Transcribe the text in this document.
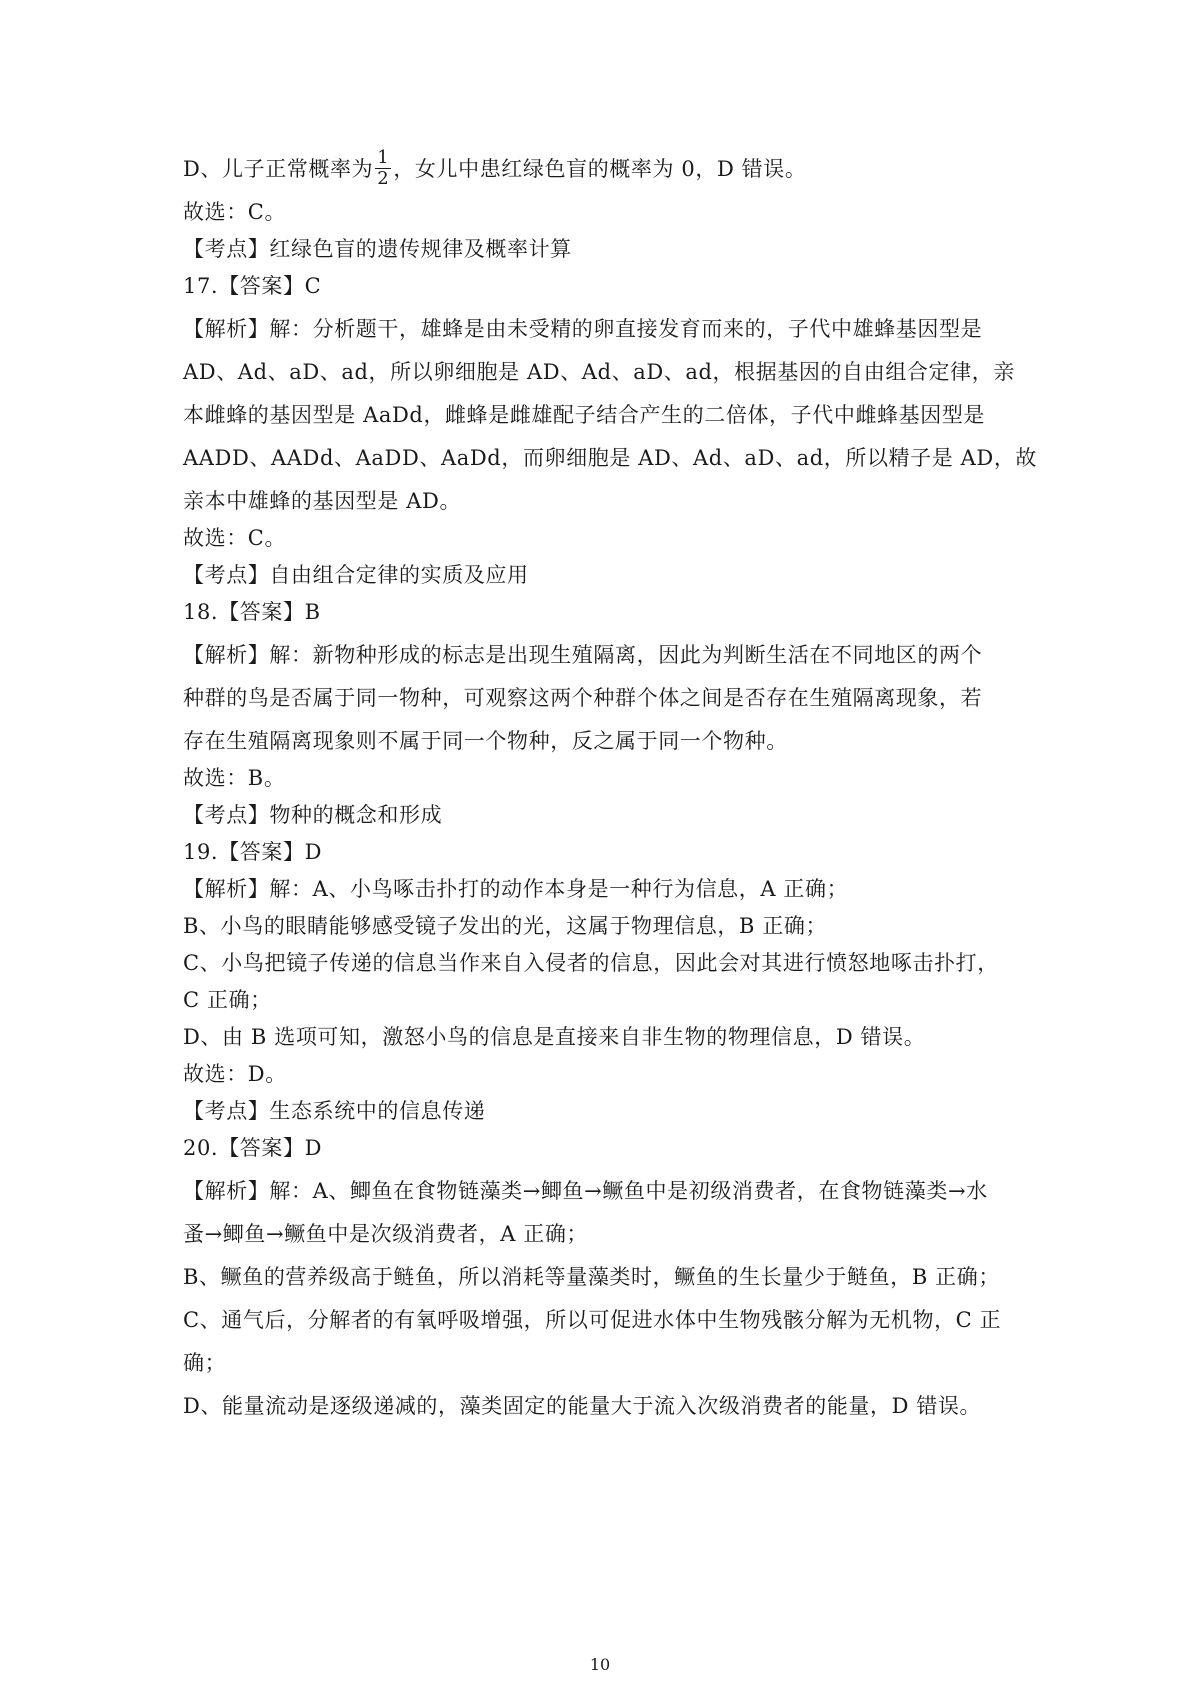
D、儿子正常概率为 $\frac{1}{2}$ ，女儿中患红绿色盲的概率为 0，D 错误。

故选：C。

【考点】红绿色盲的遗传规律及概率计算

17.【答案】C

【解析】解：分析题干，雄蜂是由未受精的卵直接发育而来的，子代中雄蜂基因型是

AD、Ad、aD、ad，所以卵细胞是 AD、Ad、aD、ad，根据基因的自由组合定律，亲

本雌蜂的基因型是 AaDd，雌蜂是雌雄配子结合产生的二倍体，子代中雌蜂基因型是

AADD、AADd、AaDD、AaDd，而卵细胞是 AD、Ad、aD、ad，所以精子是 AD，故

亲本中雄蜂的基因型是 AD。

故选：C。

【考点】自由组合定律的实质及应用

18.【答案】B

【解析】解：新物种形成的标志是出现生殖隔离，因此为判断生活在不同地区的两个

种群的鸟是否属于同一物种，可观察这两个种群个体之间是否存在生殖隔离现象，若

存在生殖隔离现象则不属于同一个物种，反之属于同一个物种。

故选：B。

【考点】物种的概念和形成

19.【答案】D

【解析】解：A、小鸟啄击扑打的动作本身是一种行为信息，A 正确；

B、小鸟的眼睛能够感受镜子发出的光，这属于物理信息，B 正确；

C、小鸟把镜子传递的信息当作来自入侵者的信息，因此会对其进行愤怒地啄击扑打，

C 正确；

D、由 B 选项可知，激怒小鸟的信息是直接来自非生物的物理信息，D 错误。

故选：D。

【考点】生态系统中的信息传递

20.【答案】D

【解析】解：A、鲫鱼在食物链藻类→鲫鱼→鳜鱼中是初级消费者，在食物链藻类→水

蚤→鲫鱼→鳜鱼中是次级消费者，A 正确；

B、鳜鱼的营养级高于鲢鱼，所以消耗等量藻类时，鳜鱼的生长量少于鲢鱼，B 正确；

C、通气后，分解者的有氧呼吸增强，所以可促进水体中生物残骸分解为无机物，C 正

确；

D、能量流动是逐级递减的，藻类固定的能量大于流入次级消费者的能量，D 错误。

10
